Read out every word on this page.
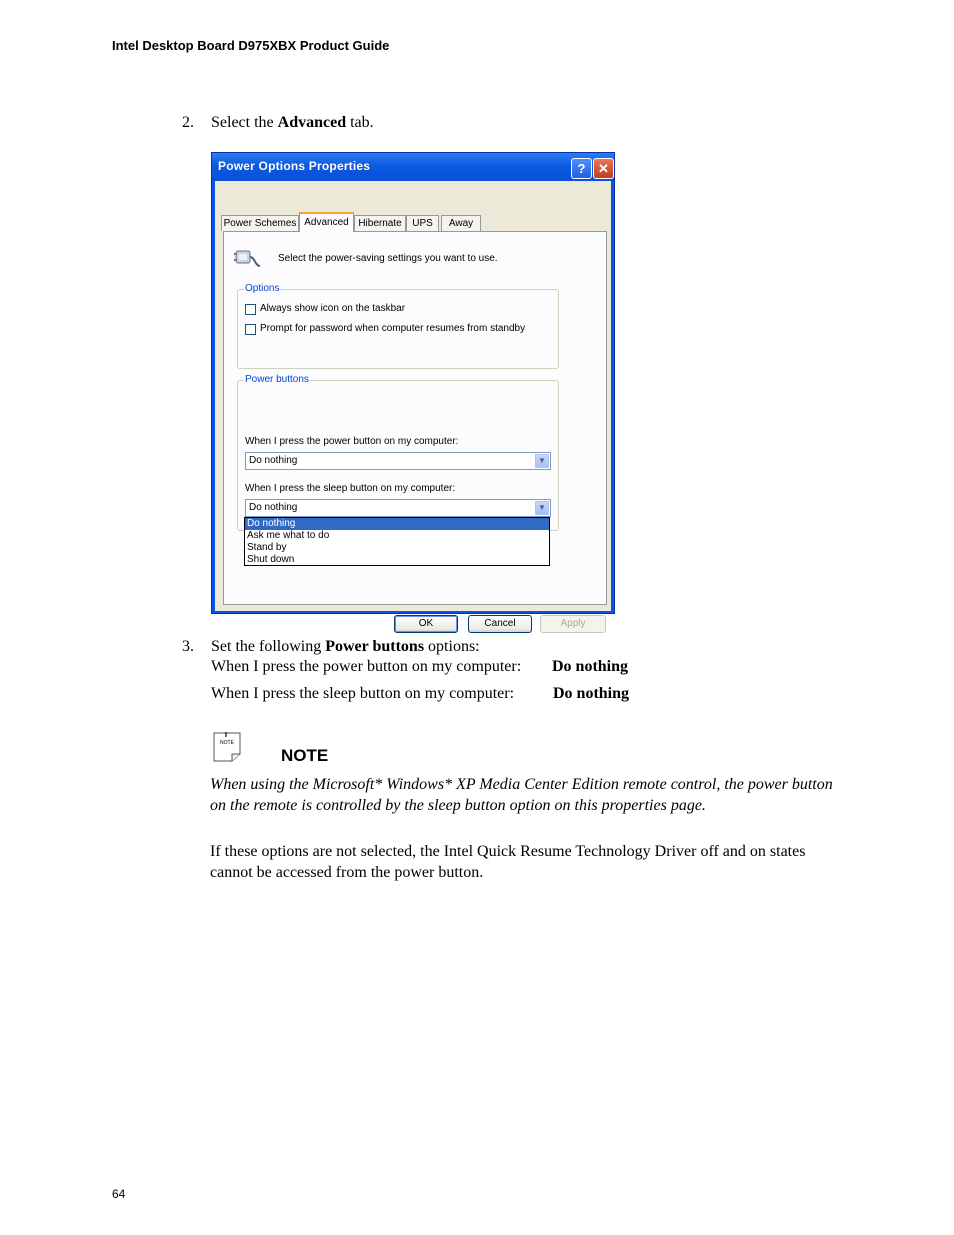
Intel Desktop Board D975XBX Product Guide
2. Select the Advanced tab.
Power Options Properties	? ✕
Power Schemes Advanced Hibernate	UPS	Away
Select the power-saving settings you want to use.
Options
Always show icon on the taskbar
Prompt for password when computer resumes from standby
Power buttons
When I press the power button on my computer:
Do nothing	▼
When I press the sleep button on my computer:
Do nothing	▼
Do nothing
Ask me what to do
Stand by
Shut down
OK	Cancel	Apply
3. Set the following Power buttons options:
When I press the power button on my computer: Do nothing
When I press the sleep button on my computer: Do nothing
NOTE
NOTE
When using the Microsoft* Windows* XP Media Center Edition remote control, the power button on the remote is controlled by the sleep button option on this properties page.
If these options are not selected, the Intel Quick Resume Technology Driver off and on states cannot be accessed from the power button.
64
